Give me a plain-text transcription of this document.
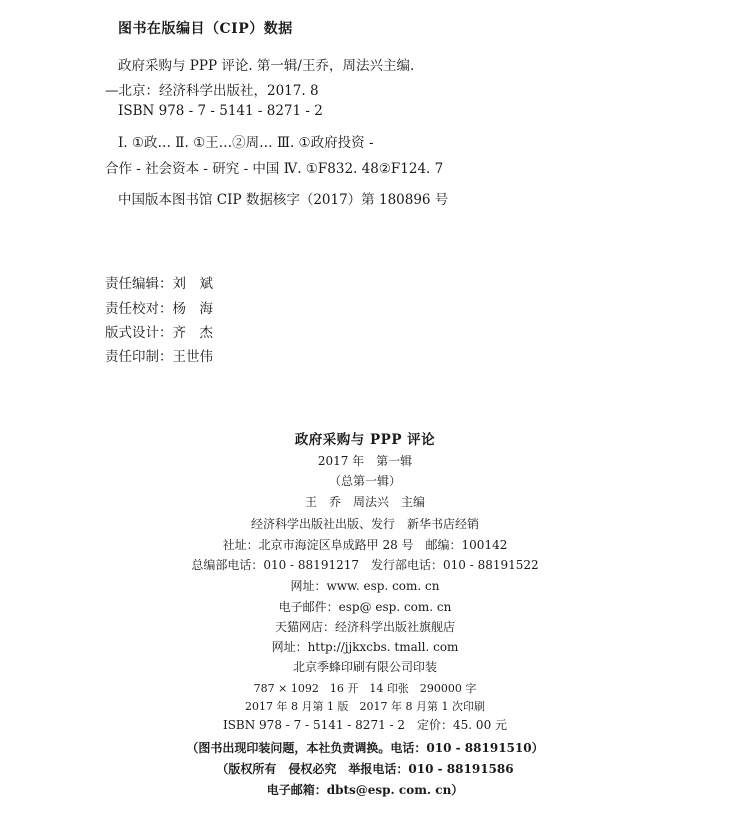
图书在版编目（CIP）数据
政府采购与 PPP 评论. 第一辑/王乔，周法兴主编.
—北京：经济科学出版社，2017. 8
ISBN 978 - 7 - 5141 - 8271 - 2
Ⅰ. ①政… Ⅱ. ①王…②周… Ⅲ. ①政府投资 -
合作 - 社会资本 - 研究 - 中国 Ⅳ. ①F832. 48②F124. 7
中国版本图书馆 CIP 数据核字（2017）第 180896 号
责任编辑：刘　斌
责任校对：杨　海
版式设计：齐　杰
责任印制：王世伟
政府采购与 PPP 评论
2017 年　第一辑
（总第一辑）
王　乔　周法兴　主编
经济科学出版社出版、发行　新华书店经销
社址：北京市海淀区阜成路甲 28 号　邮编：100142
总编部电话：010 - 88191217　发行部电话：010 - 88191522
网址：www. esp. com. cn
电子邮件：esp@ esp. com. cn
天猫网店：经济科学出版社旗舰店
网址：http://jjkxcbs. tmall. com
北京季蜂印刷有限公司印装
787 × 1092　16 开　14 印张　290000 字
2017 年 8 月第 1 版　2017 年 8 月第 1 次印刷
ISBN 978 - 7 - 5141 - 8271 - 2　定价：45. 00 元
（图书出现印装问题，本社负责调换。电话：010 - 88191510）
（版权所有　侵权必究　举报电话：010 - 88191586
电子邮箱：dbts@esp. com. cn）
